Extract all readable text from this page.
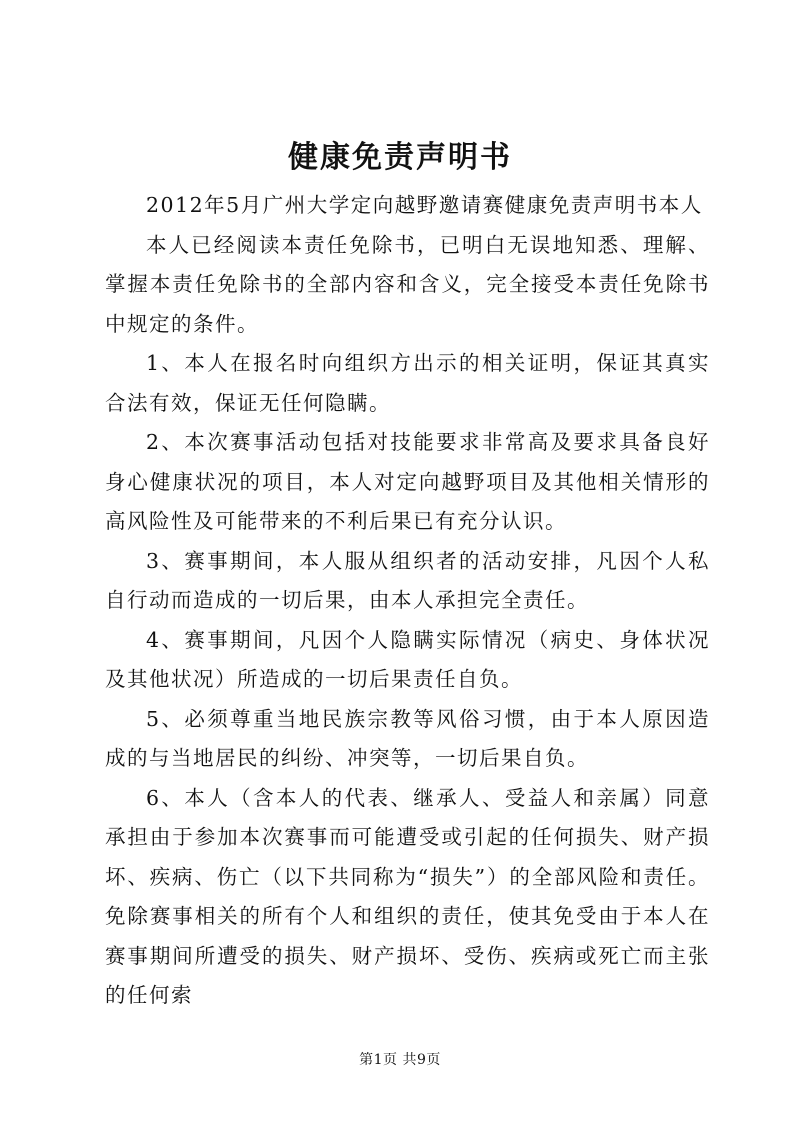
健康免责声明书

2012年5月广州大学定向越野邀请赛健康免责声明书本人

本人已经阅读本责任免除书，已明白无误地知悉、理解、掌握本责任免除书的全部内容和含义，完全接受本责任免除书中规定的条件。

1、本人在报名时向组织方出示的相关证明，保证其真实合法有效，保证无任何隐瞒。

2、本次赛事活动包括对技能要求非常高及要求具备良好身心健康状况的项目，本人对定向越野项目及其他相关情形的高风险性及可能带来的不利后果已有充分认识。

3、赛事期间，本人服从组织者的活动安排，凡因个人私自行动而造成的一切后果，由本人承担完全责任。

4、赛事期间，凡因个人隐瞒实际情况（病史、身体状况及其他状况）所造成的一切后果责任自负。

5、必须尊重当地民族宗教等风俗习惯，由于本人原因造成的与当地居民的纠纷、冲突等，一切后果自负。

6、本人（含本人的代表、继承人、受益人和亲属）同意承担由于参加本次赛事而可能遭受或引起的任何损失、财产损坏、疾病、伤亡（以下共同称为“损失”）的全部风险和责任。免除赛事相关的所有个人和组织的责任，使其免受由于本人在赛事期间所遭受的损失、财产损坏、受伤、疾病或死亡而主张的任何索

第1页 共9页
